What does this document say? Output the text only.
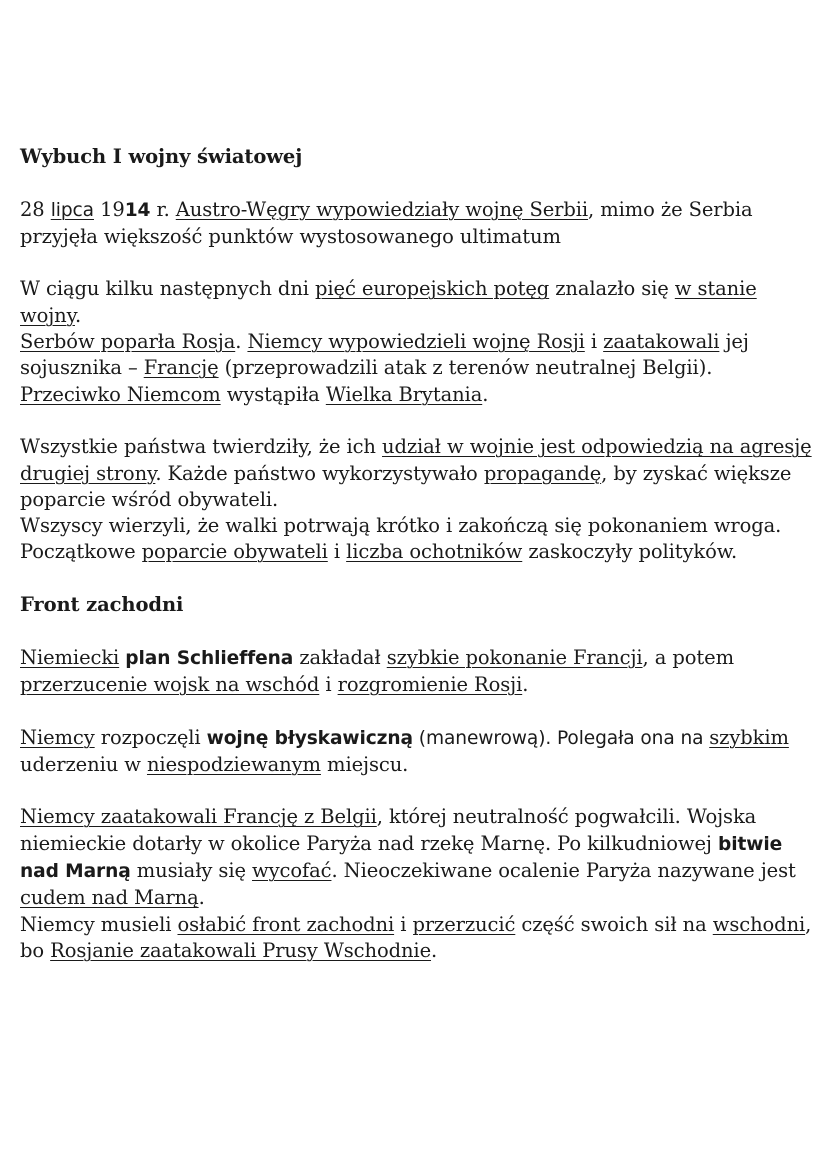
Wybuch I wojny światowej

28 lipca 1914 r. Austro-Węgry wypowiedziały wojnę Serbii, mimo że Serbia przyjęła większość punktów wystosowanego ultimatum

W ciągu kilku następnych dni pięć europejskich potęg znalazło się w stanie wojny.

Serbów poparła Rosja. Niemcy wypowiedzieli wojnę Rosji i zaatakowali jej sojusznika – Francję (przeprowadzili atak z terenów neutralnej Belgii). Przeciwko Niemcom wystąpiła Wielka Brytania.

Wszystkie państwa twierdziły, że ich udział w wojnie jest odpowiedzią na agresję drugiej strony. Każde państwo wykorzystywało propagandę, by zyskać większe poparcie wśród obywateli.

Wszyscy wierzyli, że walki potrwają krótko i zakończą się pokonaniem wroga. Początkowe poparcie obywateli i liczba ochotników zaskoczyły polityków.

Front zachodni

Niemiecki plan Schlieffena zakładał szybkie pokonanie Francji, a potem przerzucenie wojsk na wschód i rozgromienie Rosji.

Niemcy rozpoczęli wojnę błyskawiczną (manewrową). Polegała ona na szybkim uderzeniu w niespodziewanym miejscu.

Niemcy zaatakowali Francję z Belgii, której neutralność pogwałcili. Wojska niemieckie dotarły w okolice Paryża nad rzekę Marnę. Po kilkudniowej bitwie nad Marną musiały się wycofać. Nieoczekiwane ocalenie Paryża nazywane jest cudem nad Marną.

Niemcy musieli osłabić front zachodni i przerzucić część swoich sił na wschodni, bo Rosjanie zaatakowali Prusy Wschodnie.
